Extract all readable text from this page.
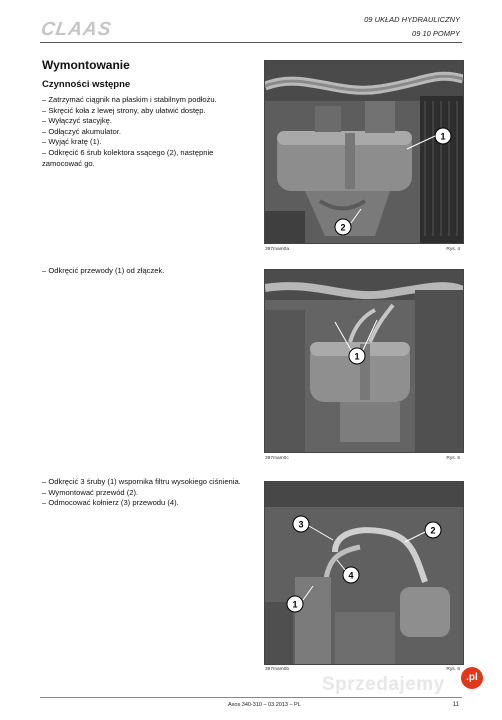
CLAAS	09 UKŁAD HYDRAULICZNY
09 10 POMPY
Wymontowanie
Czynności wstępne
– Zatrzymać ciągnik na płaskim i stabilnym podłożu.
– Skręcić koła z lewej strony, aby ułatwić dostęp.
– Wyłączyć stacyjkę.
– Odłączyć akumulator.
– Wyjąć kratę (1).
– Odkręcić 6 śrub kolektora ssącego (2), następnie zamocować go.
– Odkręcić przewody (1) od złączek.
– Odkręcić 3 śruby (1) wspornika filtru wysokiego ciśnienia.
– Wymontować przewód (2).
– Odmocować kołnierz (3) przewodu (4).
1
2
397mam0a	Rys. 4
1
397mam0c	Rys. 5
3
2
4
1
397mam0b	Rys. 6
Axos 340-310 – 03.2013 – PL	11
Sprzedajemy	.pl
